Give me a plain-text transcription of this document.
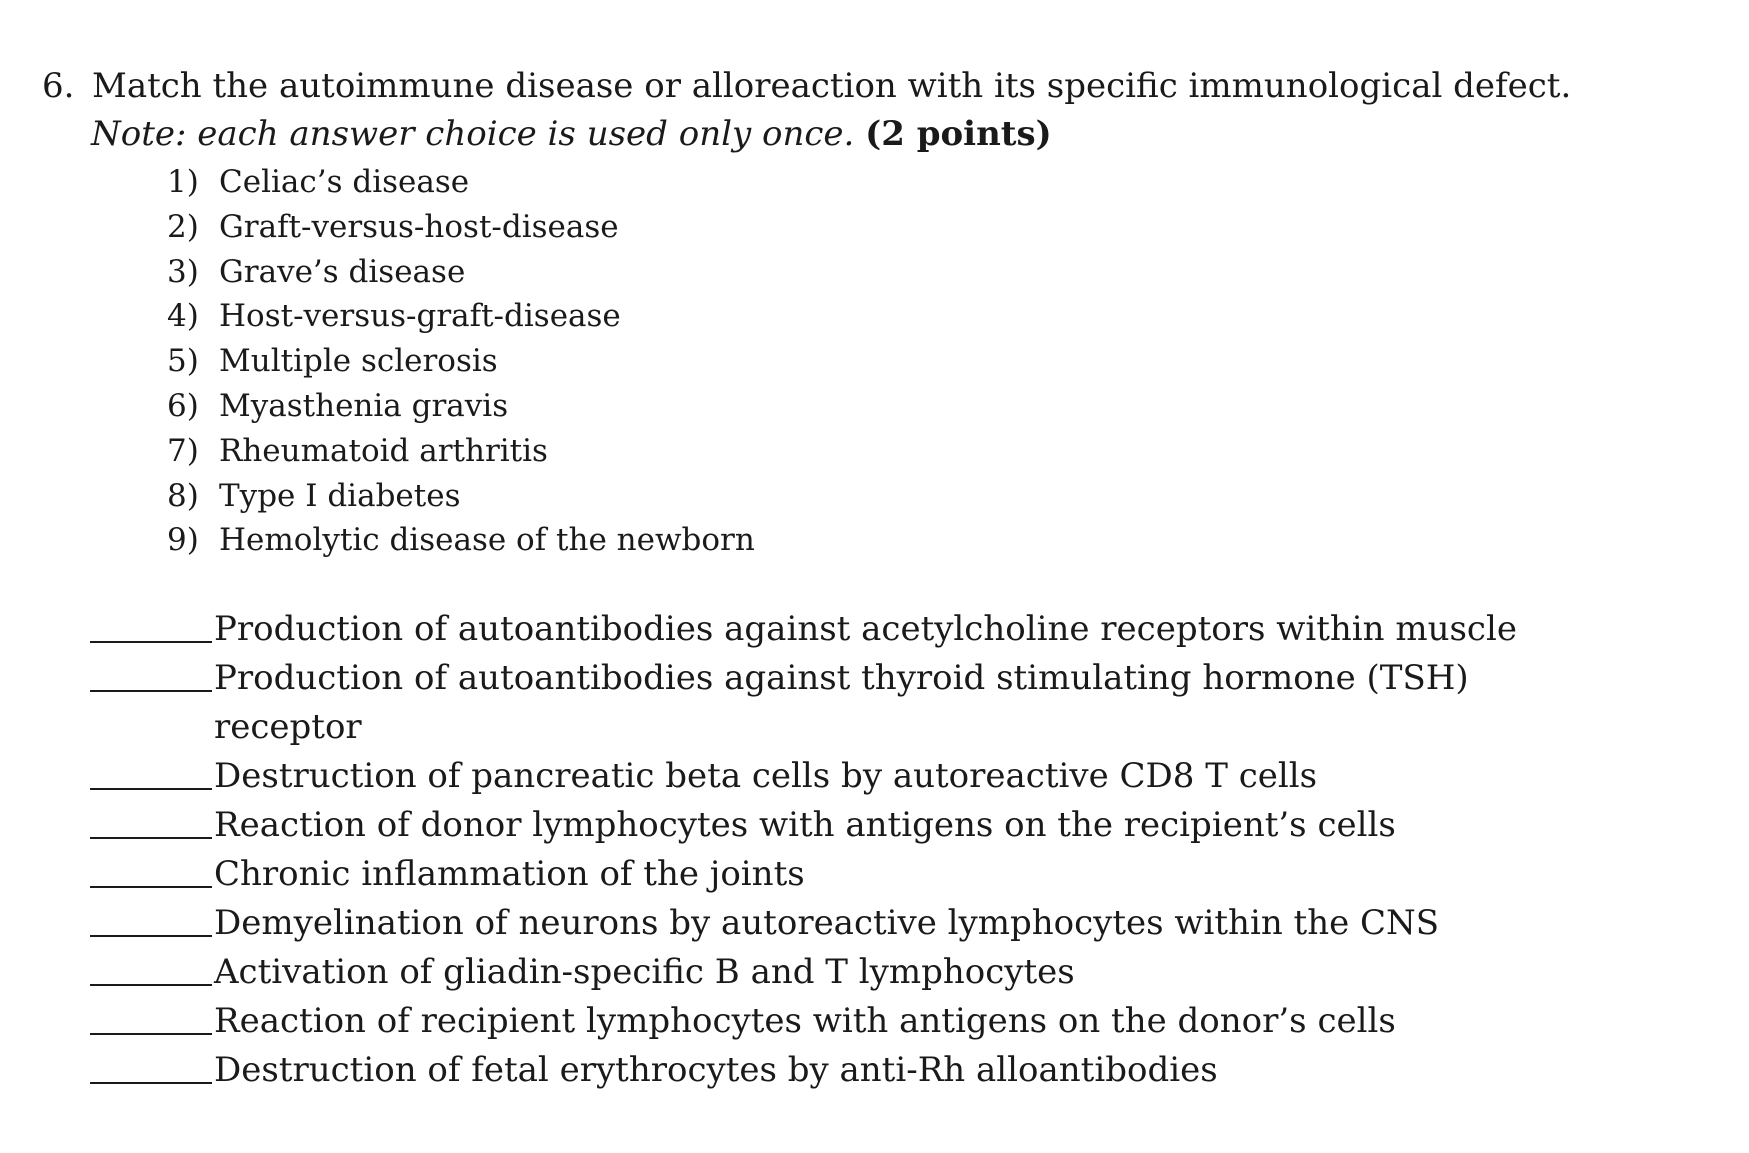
6. Match the autoimmune disease or alloreaction with its specific immunological defect.
Note: each answer choice is used only once. (2 points)
1) Celiac’s disease
2) Graft-versus-host-disease
3) Grave’s disease
4) Host-versus-graft-disease
5) Multiple sclerosis
6) Myasthenia gravis
7) Rheumatoid arthritis
8) Type I diabetes
9) Hemolytic disease of the newborn
Production of autoantibodies against acetylcholine receptors within muscle
Production of autoantibodies against thyroid stimulating hormone (TSH)
receptor
Destruction of pancreatic beta cells by autoreactive CD8 T cells
Reaction of donor lymphocytes with antigens on the recipient’s cells
Chronic inflammation of the joints
Demyelination of neurons by autoreactive lymphocytes within the CNS
Activation of gliadin-specific B and T lymphocytes
Reaction of recipient lymphocytes with antigens on the donor’s cells
Destruction of fetal erythrocytes by anti-Rh alloantibodies
